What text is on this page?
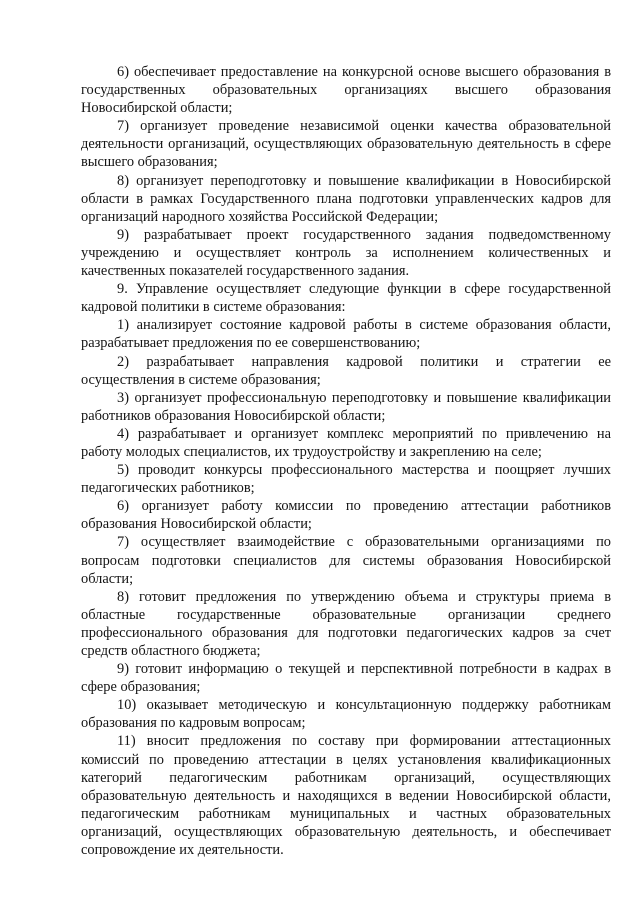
6) обеспечивает предоставление на конкурсной основе высшего образования в государственных образовательных организациях высшего образования Новосибирской области;

7) организует проведение независимой оценки качества образовательной деятельности организаций, осуществляющих образовательную деятельность в сфере высшего образования;

8) организует переподготовку и повышение квалификации в Новосибирской области в рамках Государственного плана подготовки управленческих кадров для организаций народного хозяйства Российской Федерации;

9) разрабатывает проект государственного задания подведомственному учреждению и осуществляет контроль за исполнением количественных и качественных показателей государственного задания.

9. Управление осуществляет следующие функции в сфере государственной кадровой политики в системе образования:

1) анализирует состояние кадровой работы в системе образования области, разрабатывает предложения по ее совершенствованию;

2) разрабатывает направления кадровой политики и стратегии ее осуществления в системе образования;

3) организует профессиональную переподготовку и повышение квалификации работников образования Новосибирской области;

4) разрабатывает и организует комплекс мероприятий по привлечению на работу молодых специалистов, их трудоустройству и закреплению на селе;

5) проводит конкурсы профессионального мастерства и поощряет лучших педагогических работников;

6) организует работу комиссии по проведению аттестации работников образования Новосибирской области;

7) осуществляет взаимодействие с образовательными организациями по вопросам подготовки специалистов для системы образования Новосибирской области;

8) готовит предложения по утверждению объема и структуры приема в областные государственные образовательные организации среднего профессионального образования для подготовки педагогических кадров за счет средств областного бюджета;

9) готовит информацию о текущей и перспективной потребности в кадрах в сфере образования;

10) оказывает методическую и консультационную поддержку работникам образования по кадровым вопросам;

11) вносит предложения по составу при формировании аттестационных комиссий по проведению аттестации в целях установления квалификационных категорий педагогическим работникам организаций, осуществляющих образовательную деятельность и находящихся в ведении Новосибирской области, педагогическим работникам муниципальных и частных образовательных организаций, осуществляющих образовательную деятельность, и обеспечивает сопровождение их деятельности.
